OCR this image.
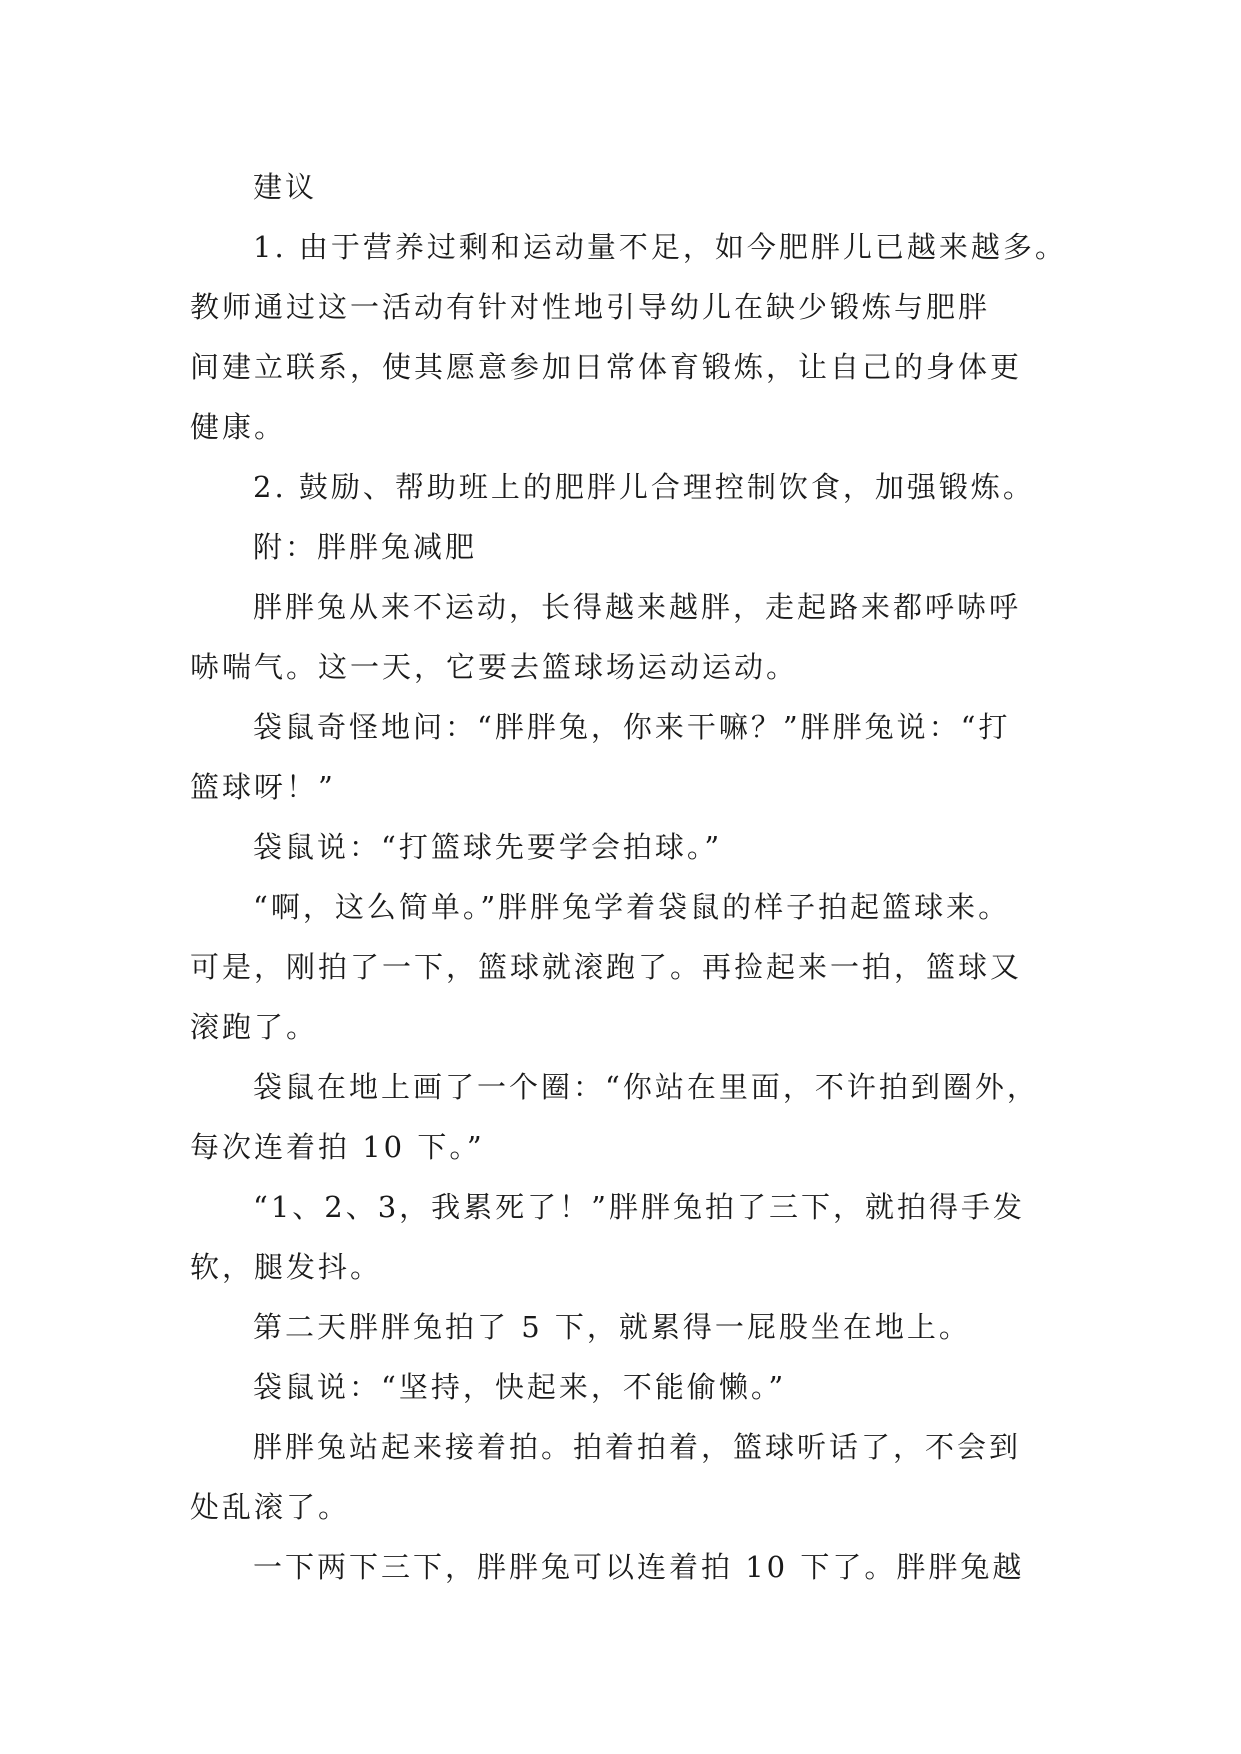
建议
1. 由于营养过剩和运动量不足，如今肥胖儿已越来越多。
教师通过这一活动有针对性地引导幼儿在缺少锻炼与肥胖
间建立联系，使其愿意参加日常体育锻炼，让自己的身体更
健康。
2. 鼓励、帮助班上的肥胖儿合理控制饮食，加强锻炼。
附：胖胖兔减肥
胖胖兔从来不运动，长得越来越胖，走起路来都呼哧呼
哧喘气。这一天，它要去篮球场运动运动。
袋鼠奇怪地问：“胖胖兔，你来干嘛？”胖胖兔说：“打
篮球呀！”
袋鼠说：“打篮球先要学会拍球。”
“啊，这么简单。”胖胖兔学着袋鼠的样子拍起篮球来。
可是，刚拍了一下，篮球就滚跑了。再捡起来一拍，篮球又
滚跑了。
袋鼠在地上画了一个圈：“你站在里面，不许拍到圈外，
每次连着拍 10 下。”
“1、2、3，我累死了！”胖胖兔拍了三下，就拍得手发
软，腿发抖。
第二天胖胖兔拍了 5 下，就累得一屁股坐在地上。
袋鼠说：“坚持，快起来，不能偷懒。”
胖胖兔站起来接着拍。拍着拍着，篮球听话了，不会到
处乱滚了。
一下两下三下，胖胖兔可以连着拍 10 下了。胖胖兔越
